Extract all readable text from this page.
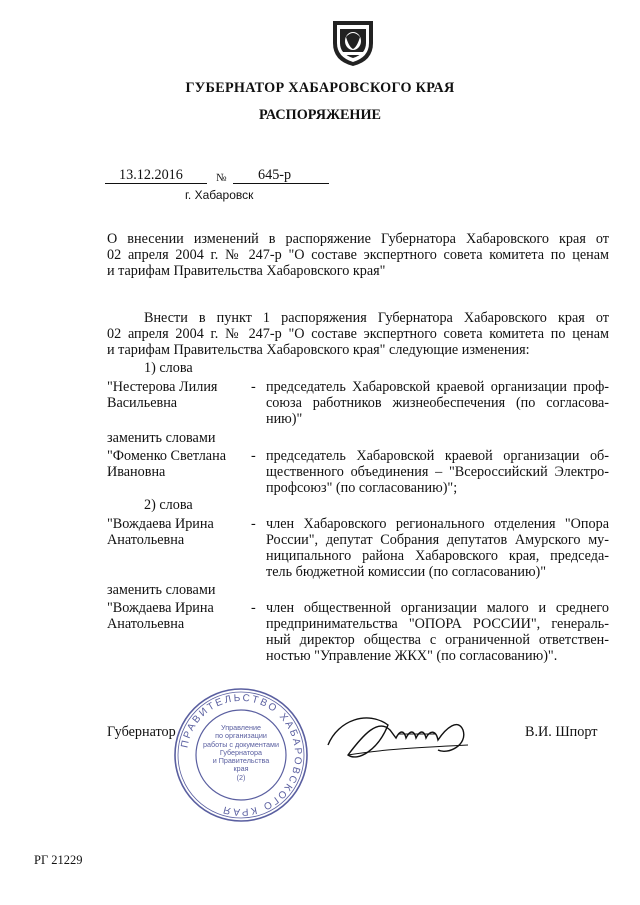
ГУБЕРНАТОР ХАБАРОВСКОГО КРАЯ
РАСПОРЯЖЕНИЕ
13.12.2016	№ 645-р
г. Хабаровск
О внесении изменений в распоряжение Губернатора Хабаровского края от
02 апреля 2004 г. № 247-р "О составе экспертного совета комитета по ценам
и тарифам Правительства Хабаровского края"
Внести в пункт 1 распоряжения Губернатора Хабаровского края от
02 апреля 2004 г. № 247-р "О составе экспертного совета комитета по ценам
и тарифам Правительства Хабаровского края" следующие изменения:
1) слова
"Нестерова Лилия
Васильевна
- председатель Хабаровской краевой организации проф-
союза работников жизнеобеспечения (по согласова-
нию)"
заменить словами
"Фоменко Светлана
Ивановна
- председатель Хабаровской краевой организации об-
щественного объединения – "Всероссийский Электро-
профсоюз" (по согласованию)";
2) слова
"Вождаева Ирина
Анатольевна
- член Хабаровского регионального отделения "Опора
России", депутат Собрания депутатов Амурского му-
ниципального района Хабаровского края, председа-
тель бюджетной комиссии (по согласованию)"
заменить словами
"Вождаева Ирина
Анатольевна
- член общественной организации малого и среднего
предпринимательства "ОПОРА РОССИИ", генераль-
ный директор общества с ограниченной ответствен-
ностью "Управление ЖКХ" (по согласованию)".
ПРАВИТЕЛЬСТВО ХАБАРОВСКОГО КРАЯ
Управление
по организации
работы с документами
Губернатора
и Правительства
края
(2)
Губернатор	В.И. Шпорт
РГ 21229
